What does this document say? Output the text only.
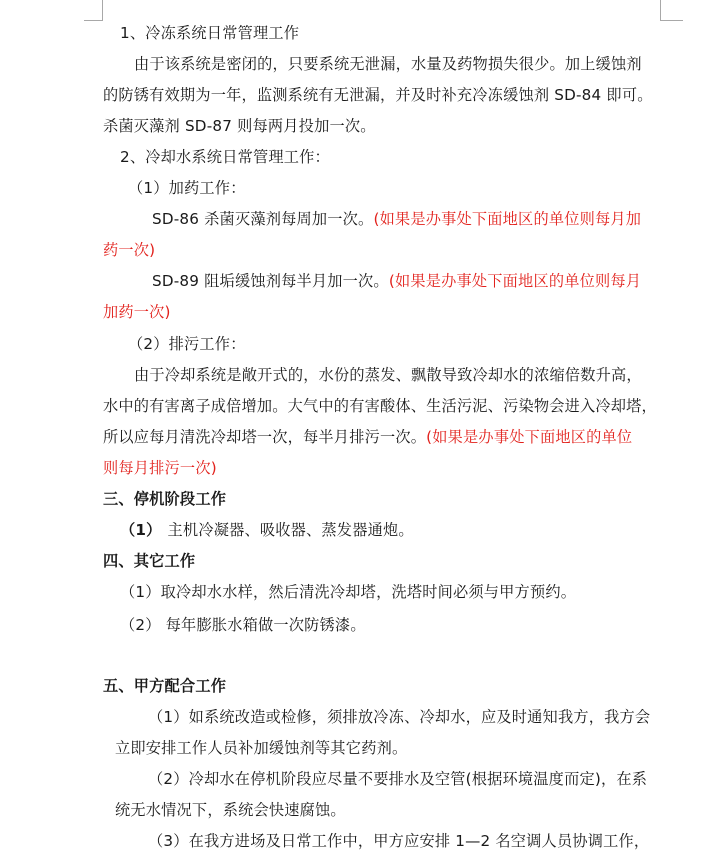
1、冷冻系统日常管理工作
由于该系统是密闭的，只要系统无泄漏，水量及药物损失很少。加上缓蚀剂
的防锈有效期为一年，监测系统有无泄漏，并及时补充冷冻缓蚀剂 SD-84 即可。
杀菌灭藻剂 SD-87 则每两月投加一次。
2、冷却水系统日常管理工作：
（1）加药工作：
SD-86 杀菌灭藻剂每周加一次。(如果是办事处下面地区的单位则每月加
药一次)
SD-89 阻垢缓蚀剂每半月加一次。(如果是办事处下面地区的单位则每月
加药一次)
（2）排污工作：
由于冷却系统是敞开式的，水份的蒸发、飘散导致冷却水的浓缩倍数升高，
水中的有害离子成倍增加。大气中的有害酸体、生活污泥、污染物会进入冷却塔，
所以应每月清洗冷却塔一次，每半月排污一次。(如果是办事处下面地区的单位
则每月排污一次)
三、停机阶段工作
（1） 主机冷凝器、吸收器、蒸发器通炮。
四、其它工作
（1）取冷却水水样，然后清洗冷却塔，洗塔时间必须与甲方预约。
（2） 每年膨胀水箱做一次防锈漆。
五、甲方配合工作
（1）如系统改造或检修，须排放冷冻、冷却水，应及时通知我方，我方会
立即安排工作人员补加缓蚀剂等其它药剂。
（2）冷却水在停机阶段应尽量不要排水及空管(根据环境温度而定)，在系
统无水情况下，系统会快速腐蚀。
（3）在我方进场及日常工作中，甲方应安排 1—2 名空调人员协调工作，
